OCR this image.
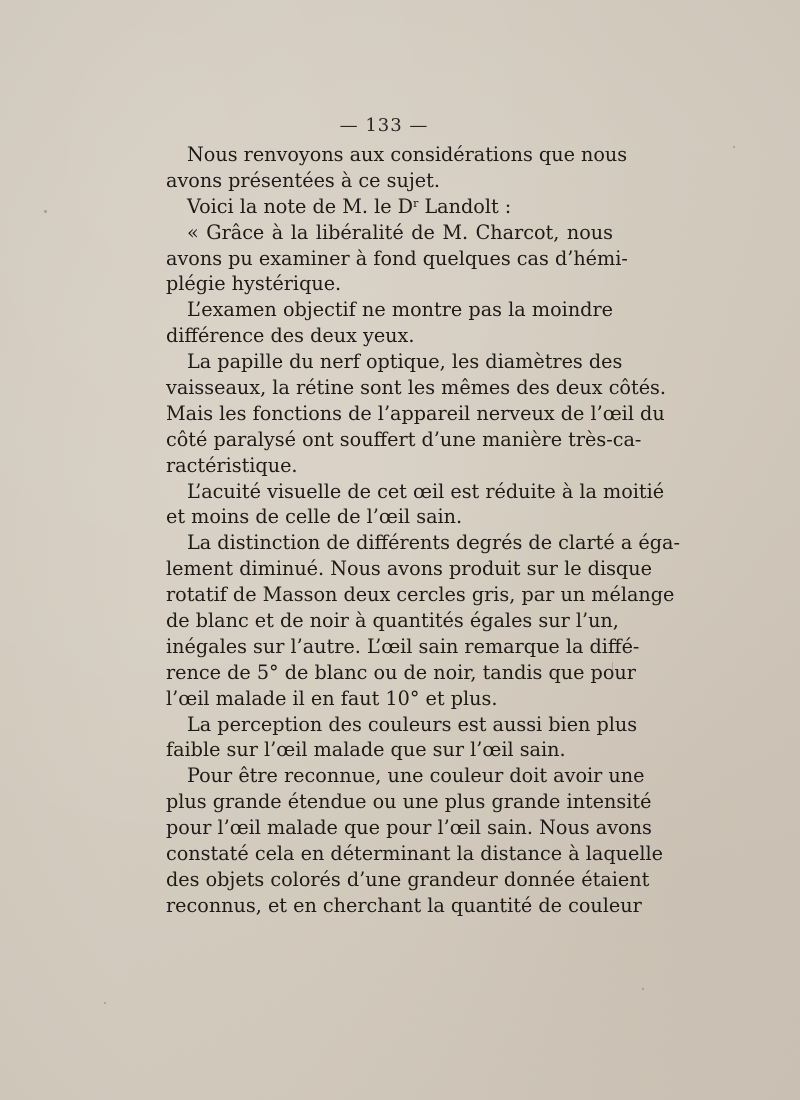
— 133 —
Nous renvoyons aux considérations que nous
avons présentées à ce sujet.
Voici la note de M. le $D^r$ Landolt :
« Grâce à la libéralité de M. Charcot, nous
avons pu examiner à fond quelques cas d’hémi-
plégie hystérique.
L’examen objectif ne montre pas la moindre
différence des deux yeux.
La papille du nerf optique, les diamètres des
vaisseaux, la rétine sont les mêmes des deux côtés.
Mais les fonctions de l’appareil nerveux de l’œil du
côté paralysé ont souffert d’une manière très-ca-
ractéristique.
L’acuité visuelle de cet œil est réduite à la moitié
et moins de celle de l’œil sain.
La distinction de différents degrés de clarté a éga-
lement diminué. Nous avons produit sur le disque
rotatif de Masson deux cercles gris, par un mélange
de blanc et de noir à quantités égales sur l’un,
inégales sur l’autre. L’œil sain remarque la diffé-
rence de 5° de blanc ou de noir, tandis que pour
l’œil malade il en faut 10° et plus.
La perception des couleurs est aussi bien plus
faible sur l’œil malade que sur l’œil sain.
Pour être reconnue, une couleur doit avoir une
plus grande étendue ou une plus grande intensité
pour l’œil malade que pour l’œil sain. Nous avons
constaté cela en déterminant la distance à laquelle
des objets colorés d’une grandeur donnée étaient
reconnus, et en cherchant la quantité de couleur
